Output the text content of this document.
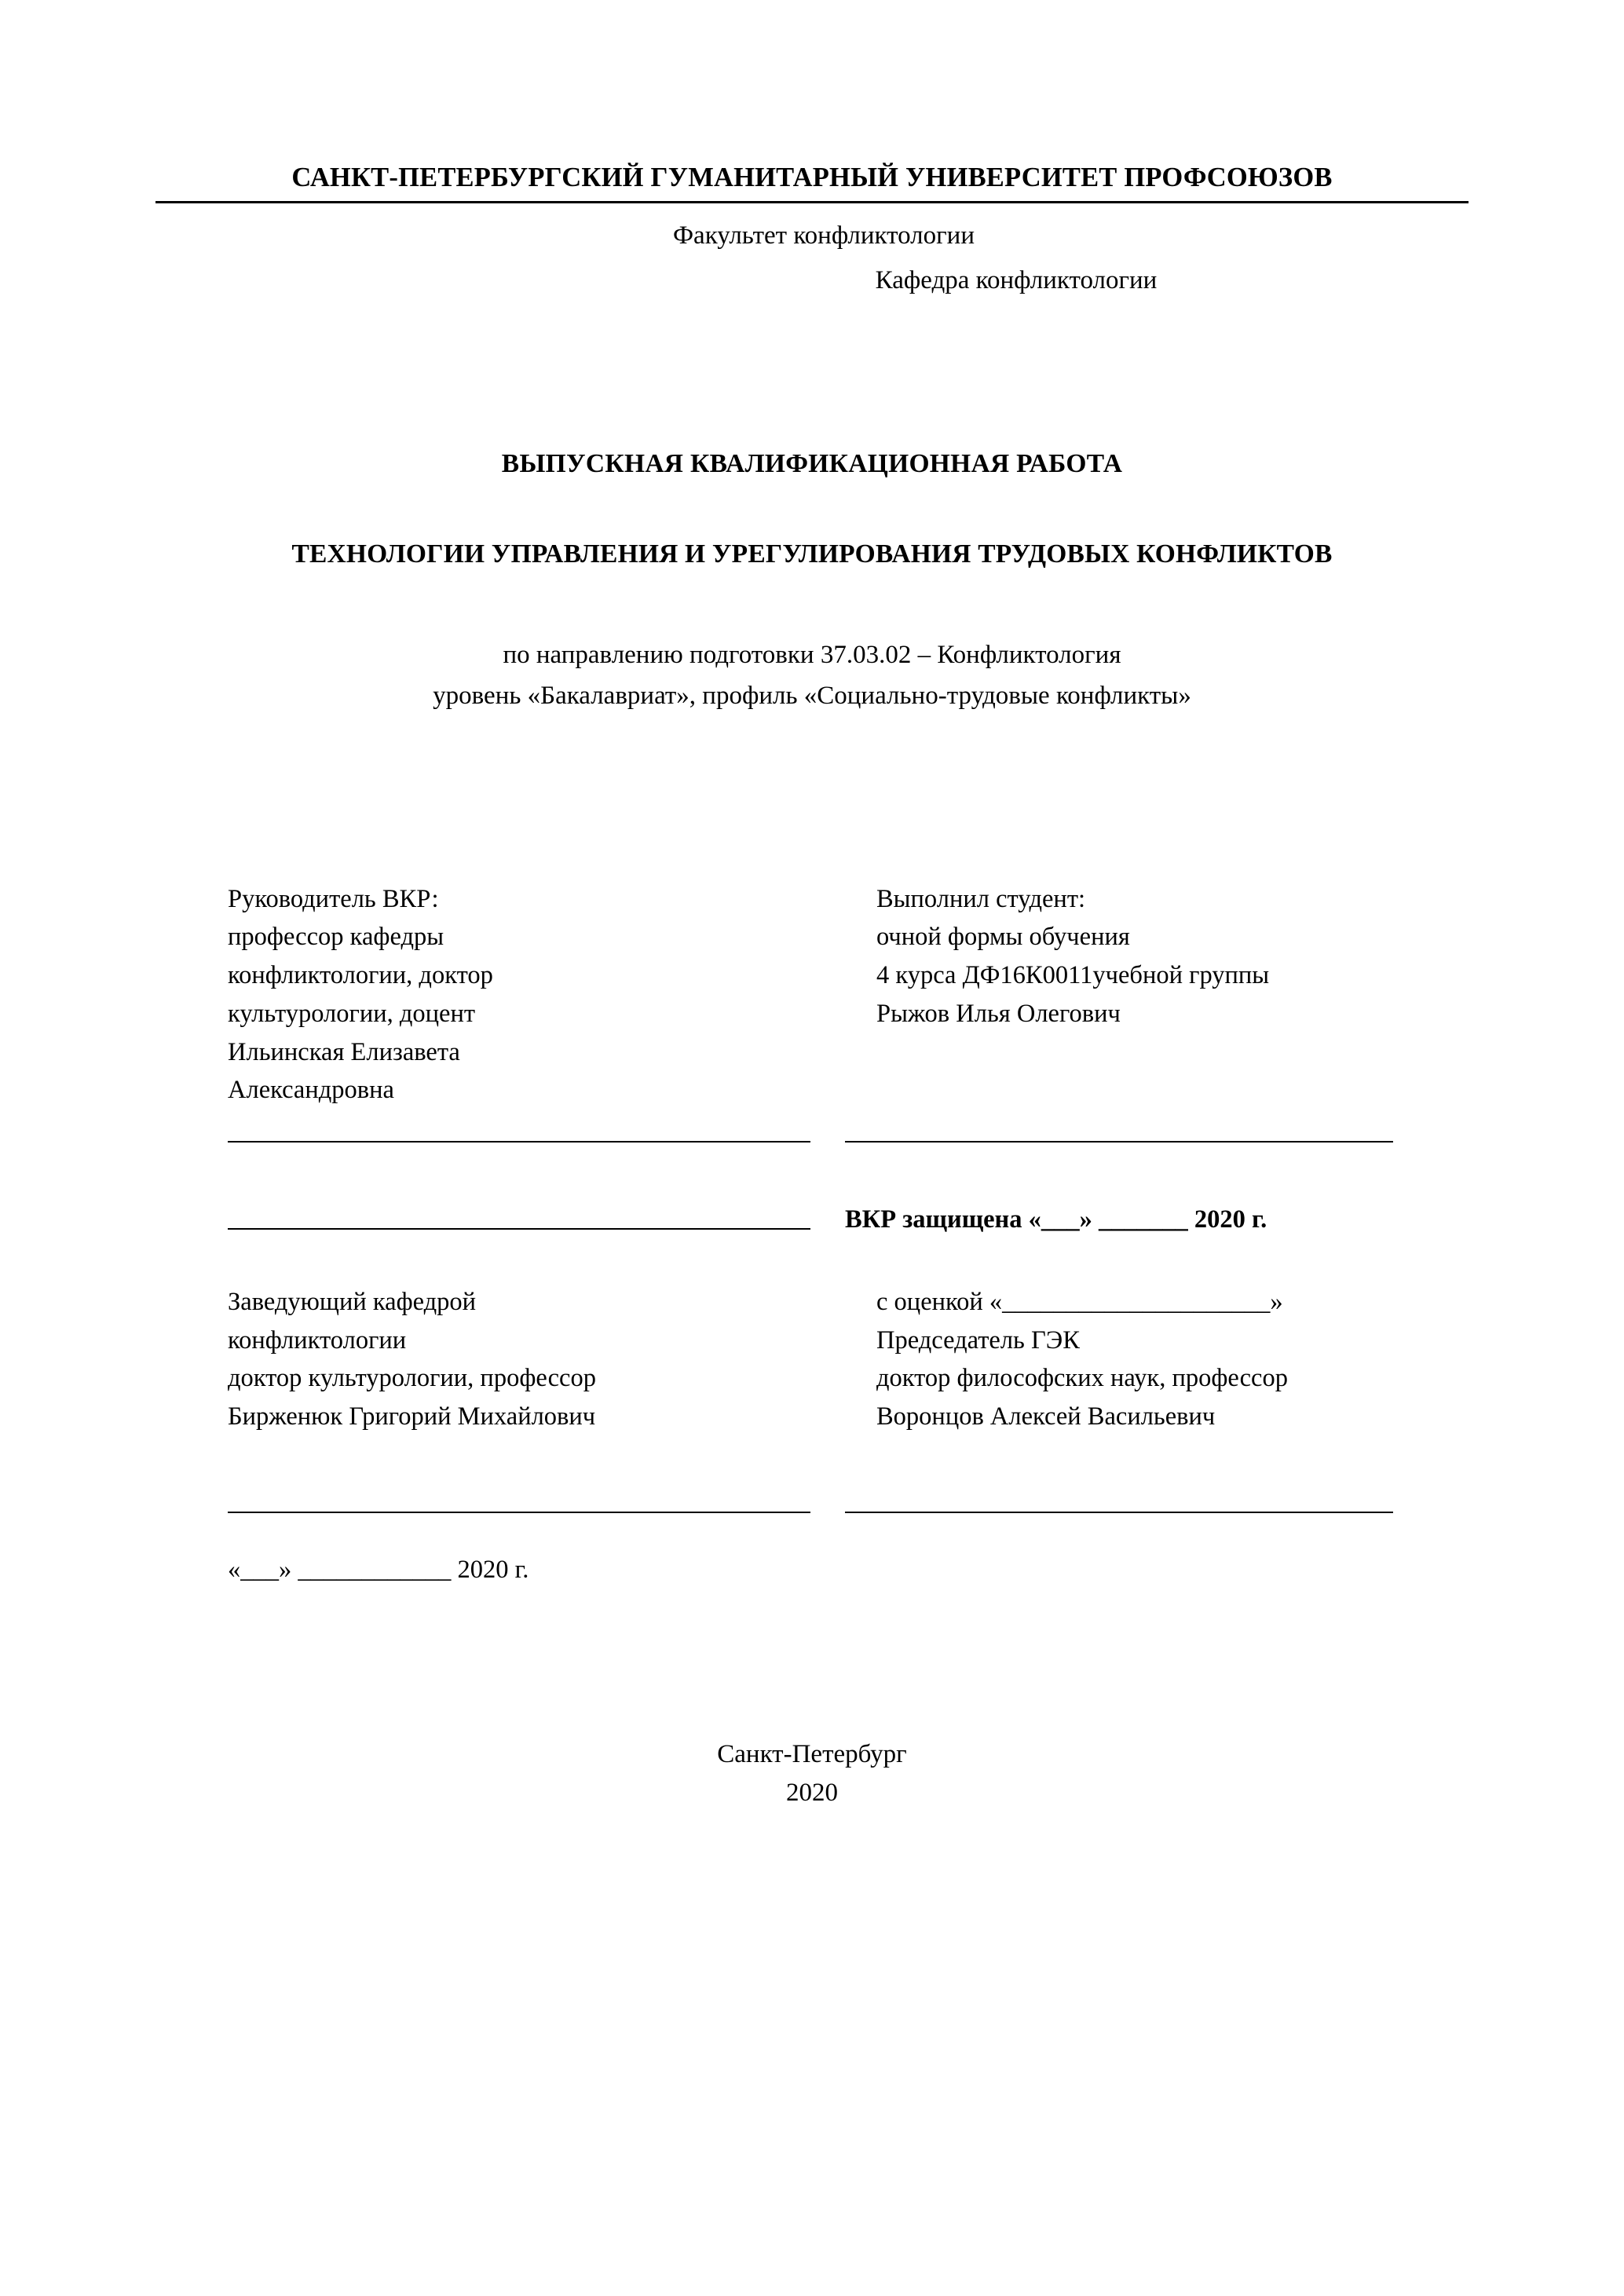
САНКТ-ПЕТЕРБУРГСКИЙ ГУМАНИТАРНЫЙ УНИВЕРСИТЕТ ПРОФСОЮЗОВ
Факультет конфликтологии
Кафедра конфликтологии
ВЫПУСКНАЯ КВАЛИФИКАЦИОННАЯ РАБОТА
ТЕХНОЛОГИИ УПРАВЛЕНИЯ И УРЕГУЛИРОВАНИЯ ТРУДОВЫХ КОНФЛИКТОВ
по направлению подготовки 37.03.02 – Конфликтология
уровень «Бакалавриат», профиль «Социально-трудовые конфликты»
Руководитель ВКР:
профессор кафедры
конфликтологии, доктор
культурологии, доцент
Ильинская Елизавета
Александровна
Выполнил студент:
очной формы обучения
4 курса ДФ16К0011учебной группы
Рыжов Илья Олегович
ВКР защищена «___» _______ 2020 г.
Заведующий кафедрой
конфликтологии
доктор культурологии, профессор
Бирженюк Григорий Михайлович
с оценкой «_____________________»
Председатель ГЭК
доктор философских наук, профессор
Воронцов Алексей Васильевич
«___» ____________ 2020 г.
Санкт-Петербург
2020
